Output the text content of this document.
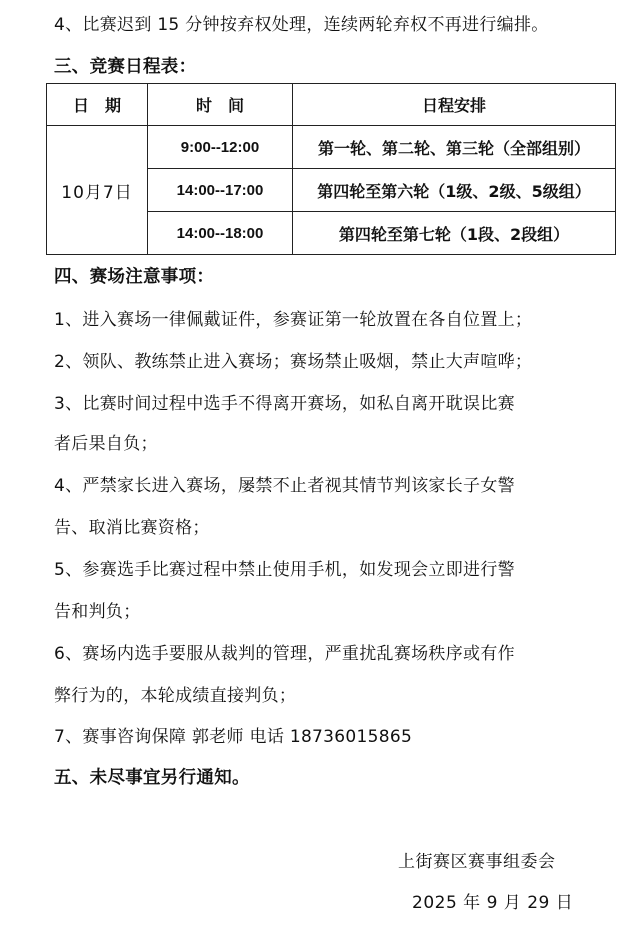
4、比赛迟到 15 分钟按弃权处理，连续两轮弃权不再进行编排。
三、竞赛日程表：
日　期	时　间	日程安排
10月7日	9:00--12:00	第一轮、第二轮、第三轮（全部组别）
	14:00--17:00	第四轮至第六轮（1级、2级、5级组）
	14:00--18:00	第四轮至第七轮（1段、2段组）
四、赛场注意事项：
1、进入赛场一律佩戴证件，参赛证第一轮放置在各自位置上；
2、领队、教练禁止进入赛场；赛场禁止吸烟，禁止大声喧哗；
3、比赛时间过程中选手不得离开赛场，如私自离开耽误比赛
者后果自负；
4、严禁家长进入赛场，屡禁不止者视其情节判该家长子女警
告、取消比赛资格；
5、参赛选手比赛过程中禁止使用手机，如发现会立即进行警
告和判负；
6、赛场内选手要服从裁判的管理，严重扰乱赛场秩序或有作
弊行为的，本轮成绩直接判负；
7、赛事咨询保障 郭老师 电话 18736015865
五、未尽事宜另行通知。
上街赛区赛事组委会
2025 年 9 月 29 日
